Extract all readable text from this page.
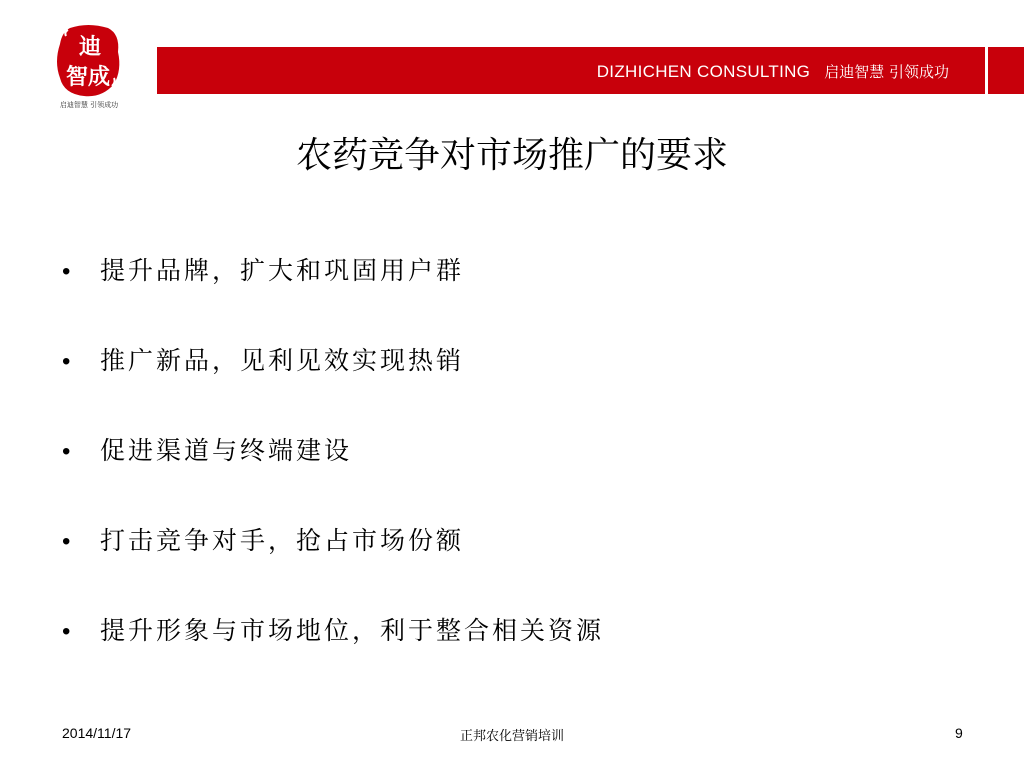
迪
智成
启迪智慧 引领成功
DIZHICHEN CONSULTING 启迪智慧 引领成功
农药竞争对市场推广的要求
• 提升品牌，扩大和巩固用户群
• 推广新品，见利见效实现热销
• 促进渠道与终端建设
• 打击竞争对手，抢占市场份额
• 提升形象与市场地位，利于整合相关资源
2014/11/17	正邦农化营销培训	9
